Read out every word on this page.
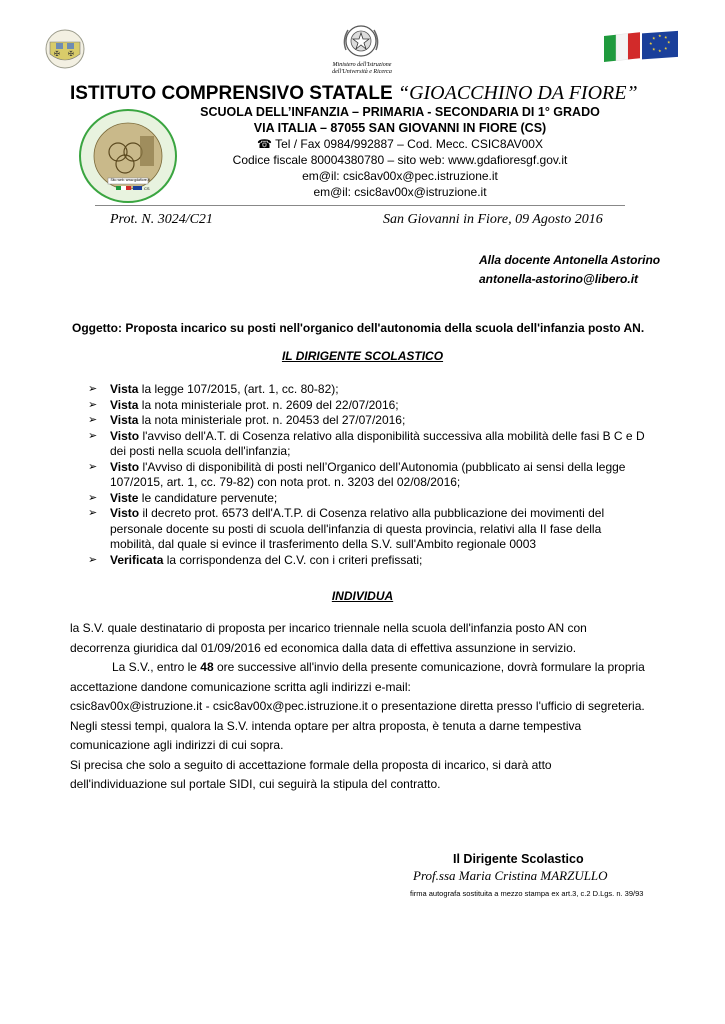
✠ ✠
Ministero dell'Istruzione
dell'Università e Ricerca
★ ★
★
★
★
★
★
★
ISTITUTO COMPRENSIVO STATALE “GIOACCHINO DA FIORE”
Sito web: www.gdafiore.it
CS
SCUOLA DELL’INFANZIA – PRIMARIA - SECONDARIA DI 1° GRADO
VIA ITALIA – 87055 SAN GIOVANNI IN FIORE (CS)
☎ Tel / Fax 0984/992887 – Cod. Mecc. CSIC8AV00X
Codice fiscale 80004380780 – sito web: www.gdafioresgf.gov.it
em@il: csic8av00x@pec.istruzione.it
em@il: csic8av00x@istruzione.it
Prot. N. 3024/C21	San Giovanni in Fiore, 09 Agosto 2016
Alla docente Antonella Astorino
antonella-astorino@libero.it
Oggetto: Proposta incarico su posti nell'organico dell'autonomia della scuola dell'infanzia posto AN.
IL DIRIGENTE SCOLASTICO
➢ Vista la legge 107/2015, (art. 1, cc. 80-82);
➢ Vista la nota ministeriale prot. n. 2609 del 22/07/2016;
➢ Vista la nota ministeriale prot. n. 20453 del 27/07/2016;
➢ Visto l'avviso dell'A.T. di Cosenza relativo alla disponibilità successiva alla mobilità delle fasi B C e D dei posti nella scuola dell'infanzia;
➢ Visto l'Avviso di disponibilità di posti nell’Organico dell’Autonomia (pubblicato ai sensi della legge 107/2015, art. 1, cc. 79-82) con nota prot. n. 3203 del 02/08/2016;
➢ Viste le candidature pervenute;
➢ Visto il decreto prot. 6573 dell'A.T.P. di Cosenza relativo alla pubblicazione dei movimenti del personale docente su posti di scuola dell'infanzia di questa provincia, relativi alla II fase della mobilità, dal quale si evince il trasferimento della S.V. sull'Ambito regionale 0003
➢ Verificata la corrispondenza del C.V. con i criteri prefissati;
INDIVIDUA

la S.V. quale destinatario di proposta per incarico triennale nella scuola dell'infanzia posto AN con decorrenza giuridica dal 01/09/2016 ed economica dalla data di effettiva assunzione in servizio.

La S.V., entro le 48 ore successive all'invio della presente comunicazione, dovrà formulare la propria accettazione dandone comunicazione scritta agli indirizzi e-mail:

csic8av00x@istruzione.it - csic8av00x@pec.istruzione.it o presentazione diretta presso l'ufficio di segreteria.

Negli stessi tempi, qualora la S.V. intenda optare per altra proposta, è tenuta a darne tempestiva comunicazione agli indirizzi di cui sopra.

Si precisa che solo a seguito di accettazione formale della proposta di incarico, si darà atto dell'individuazione sul portale SIDI, cui seguirà la stipula del contratto.

Il Dirigente Scolastico
Prof.ssa Maria Cristina MARZULLO
firma autografa sostituita a mezzo stampa ex art.3, c.2 D.Lgs. n. 39/93
